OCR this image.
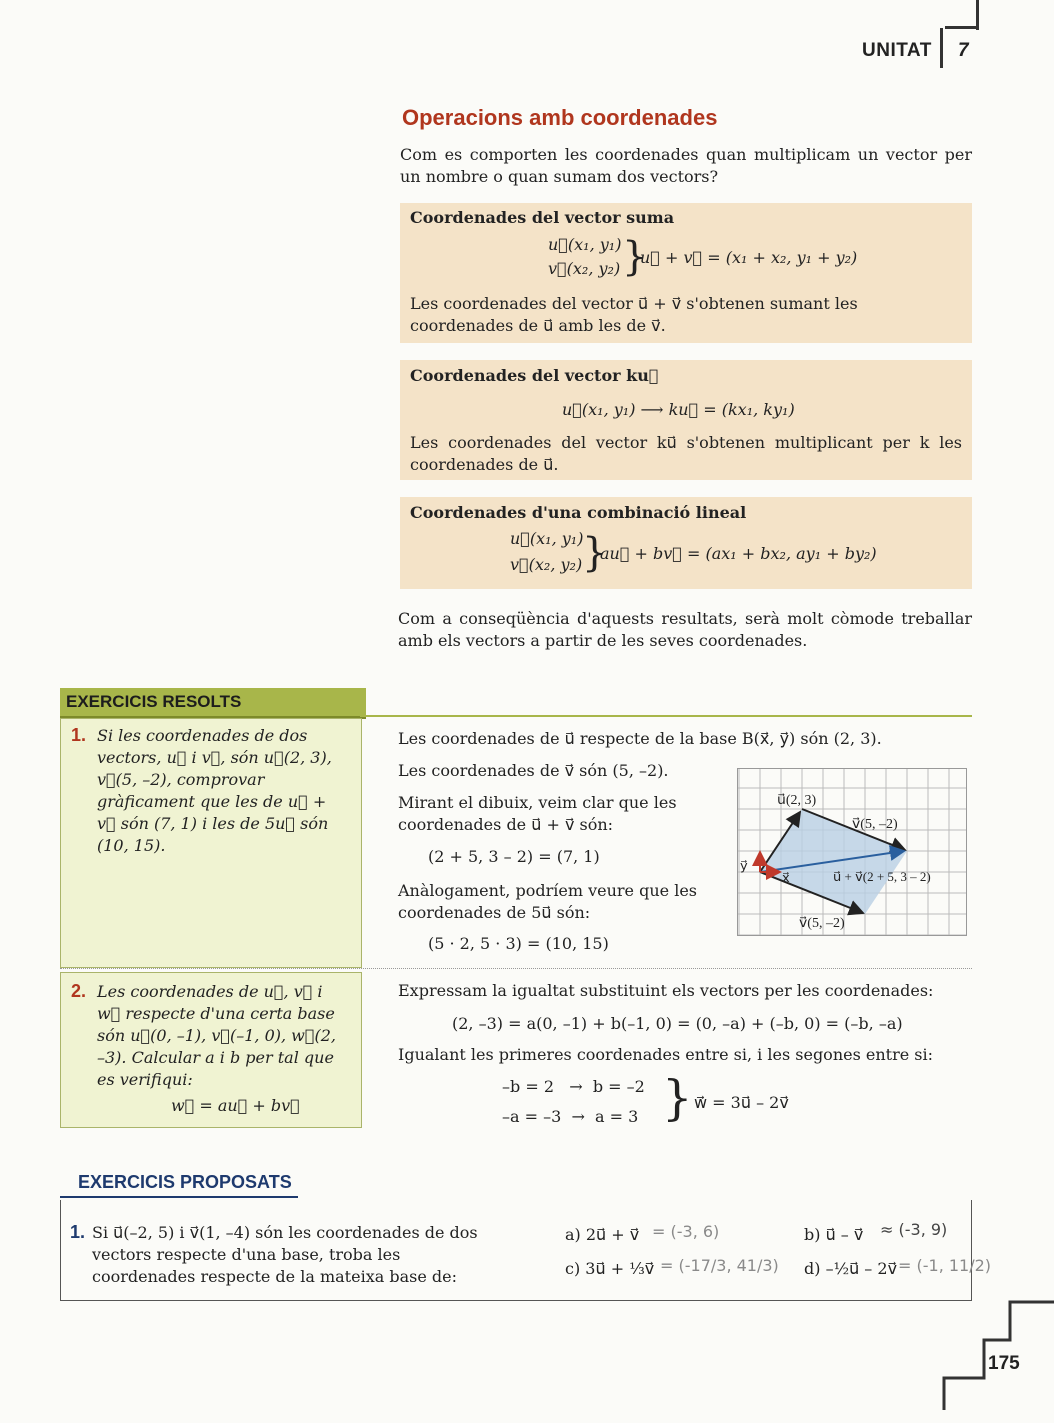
UNITAT 7
Operacions amb coordenades
Com es comporten les coordenades quan multiplicam un vector per un nombre o quan sumam dos vectors?
Coordenades del vector suma
u⃗(x₁, y₁)
v⃗(x₂, y₂) }
u⃗ + v⃗ = (x₁ + x₂, y₁ + y₂)
Les coordenades del vector u⃗ + v⃗ s'obtenen sumant les coordenades de u⃗ amb les de v⃗.
Coordenades del vector ku⃗
u⃗(x₁, y₁) ⟶ ku⃗ = (kx₁, ky₁)
Les coordenades del vector ku⃗ s'obtenen multiplicant per k les coordenades de u⃗.
Coordenades d'una combinació lineal
u⃗(x₁, y₁)
v⃗(x₂, y₂) }
au⃗ + bv⃗ = (ax₁ + bx₂, ay₁ + by₂)
Com a conseqüència d'aquests resultats, serà molt còmode treballar amb els vectors a partir de les seves coordenades.
EXERCICIS RESOLTS
1. Si les coordenades de dos vectors, u⃗ i v⃗, són u⃗(2, 3), v⃗(5, –2), comprovar gràficament que les de u⃗ + v⃗ són (7, 1) i les de 5u⃗ són (10, 15).
Les coordenades de u⃗ respecte de la base B(x⃗, y⃗) són (2, 3).
Les coordenades de v⃗ són (5, –2).
Mirant el dibuix, veim clar que les coordenades de u⃗ + v⃗ són:
(2 + 5, 3 – 2) = (7, 1)
Anàlogament, podríem veure que les coordenades de 5u⃗ són:
(5 · 2, 5 · 3) = (10, 15)
u⃗(2, 3)
v⃗(5, –2)
u⃗ + v⃗(2 + 5, 3 – 2)
v⃗(5, –2)
x⃗
y⃗
2. Les coordenades de u⃗, v⃗ i w⃗ respecte d'una certa base són u⃗(0, –1), v⃗(–1, 0), w⃗(2, –3). Calcular a i b per tal que es verifiqui:
w⃗ = au⃗ + bv⃗
Expressam la igualtat substituint els vectors per les coordenades:
(2, –3) = a(0, –1) + b(–1, 0) = (0, –a) + (–b, 0) = (–b, –a)
Igualant les primeres coordenades entre si, i les segones entre si:
–b = 2   →  b = –2
–a = –3  →  a = 3 } w⃗ = 3u⃗ – 2v⃗
EXERCICIS PROPOSATS
1. Si u⃗(–2, 5) i v⃗(1, –4) són les coordenades de dos vectors respecte d'una base, troba les coordenades respecte de la mateixa base de:
a) 2u⃗ + v⃗ = (-3, 6)	b) u⃗ – v⃗ ≈ (-3, 9)
c) 3u⃗ + ⅓v⃗ = (-17/3, 41/3) d) –½u⃗ – 2v⃗ = (-1, 11/2)
175
